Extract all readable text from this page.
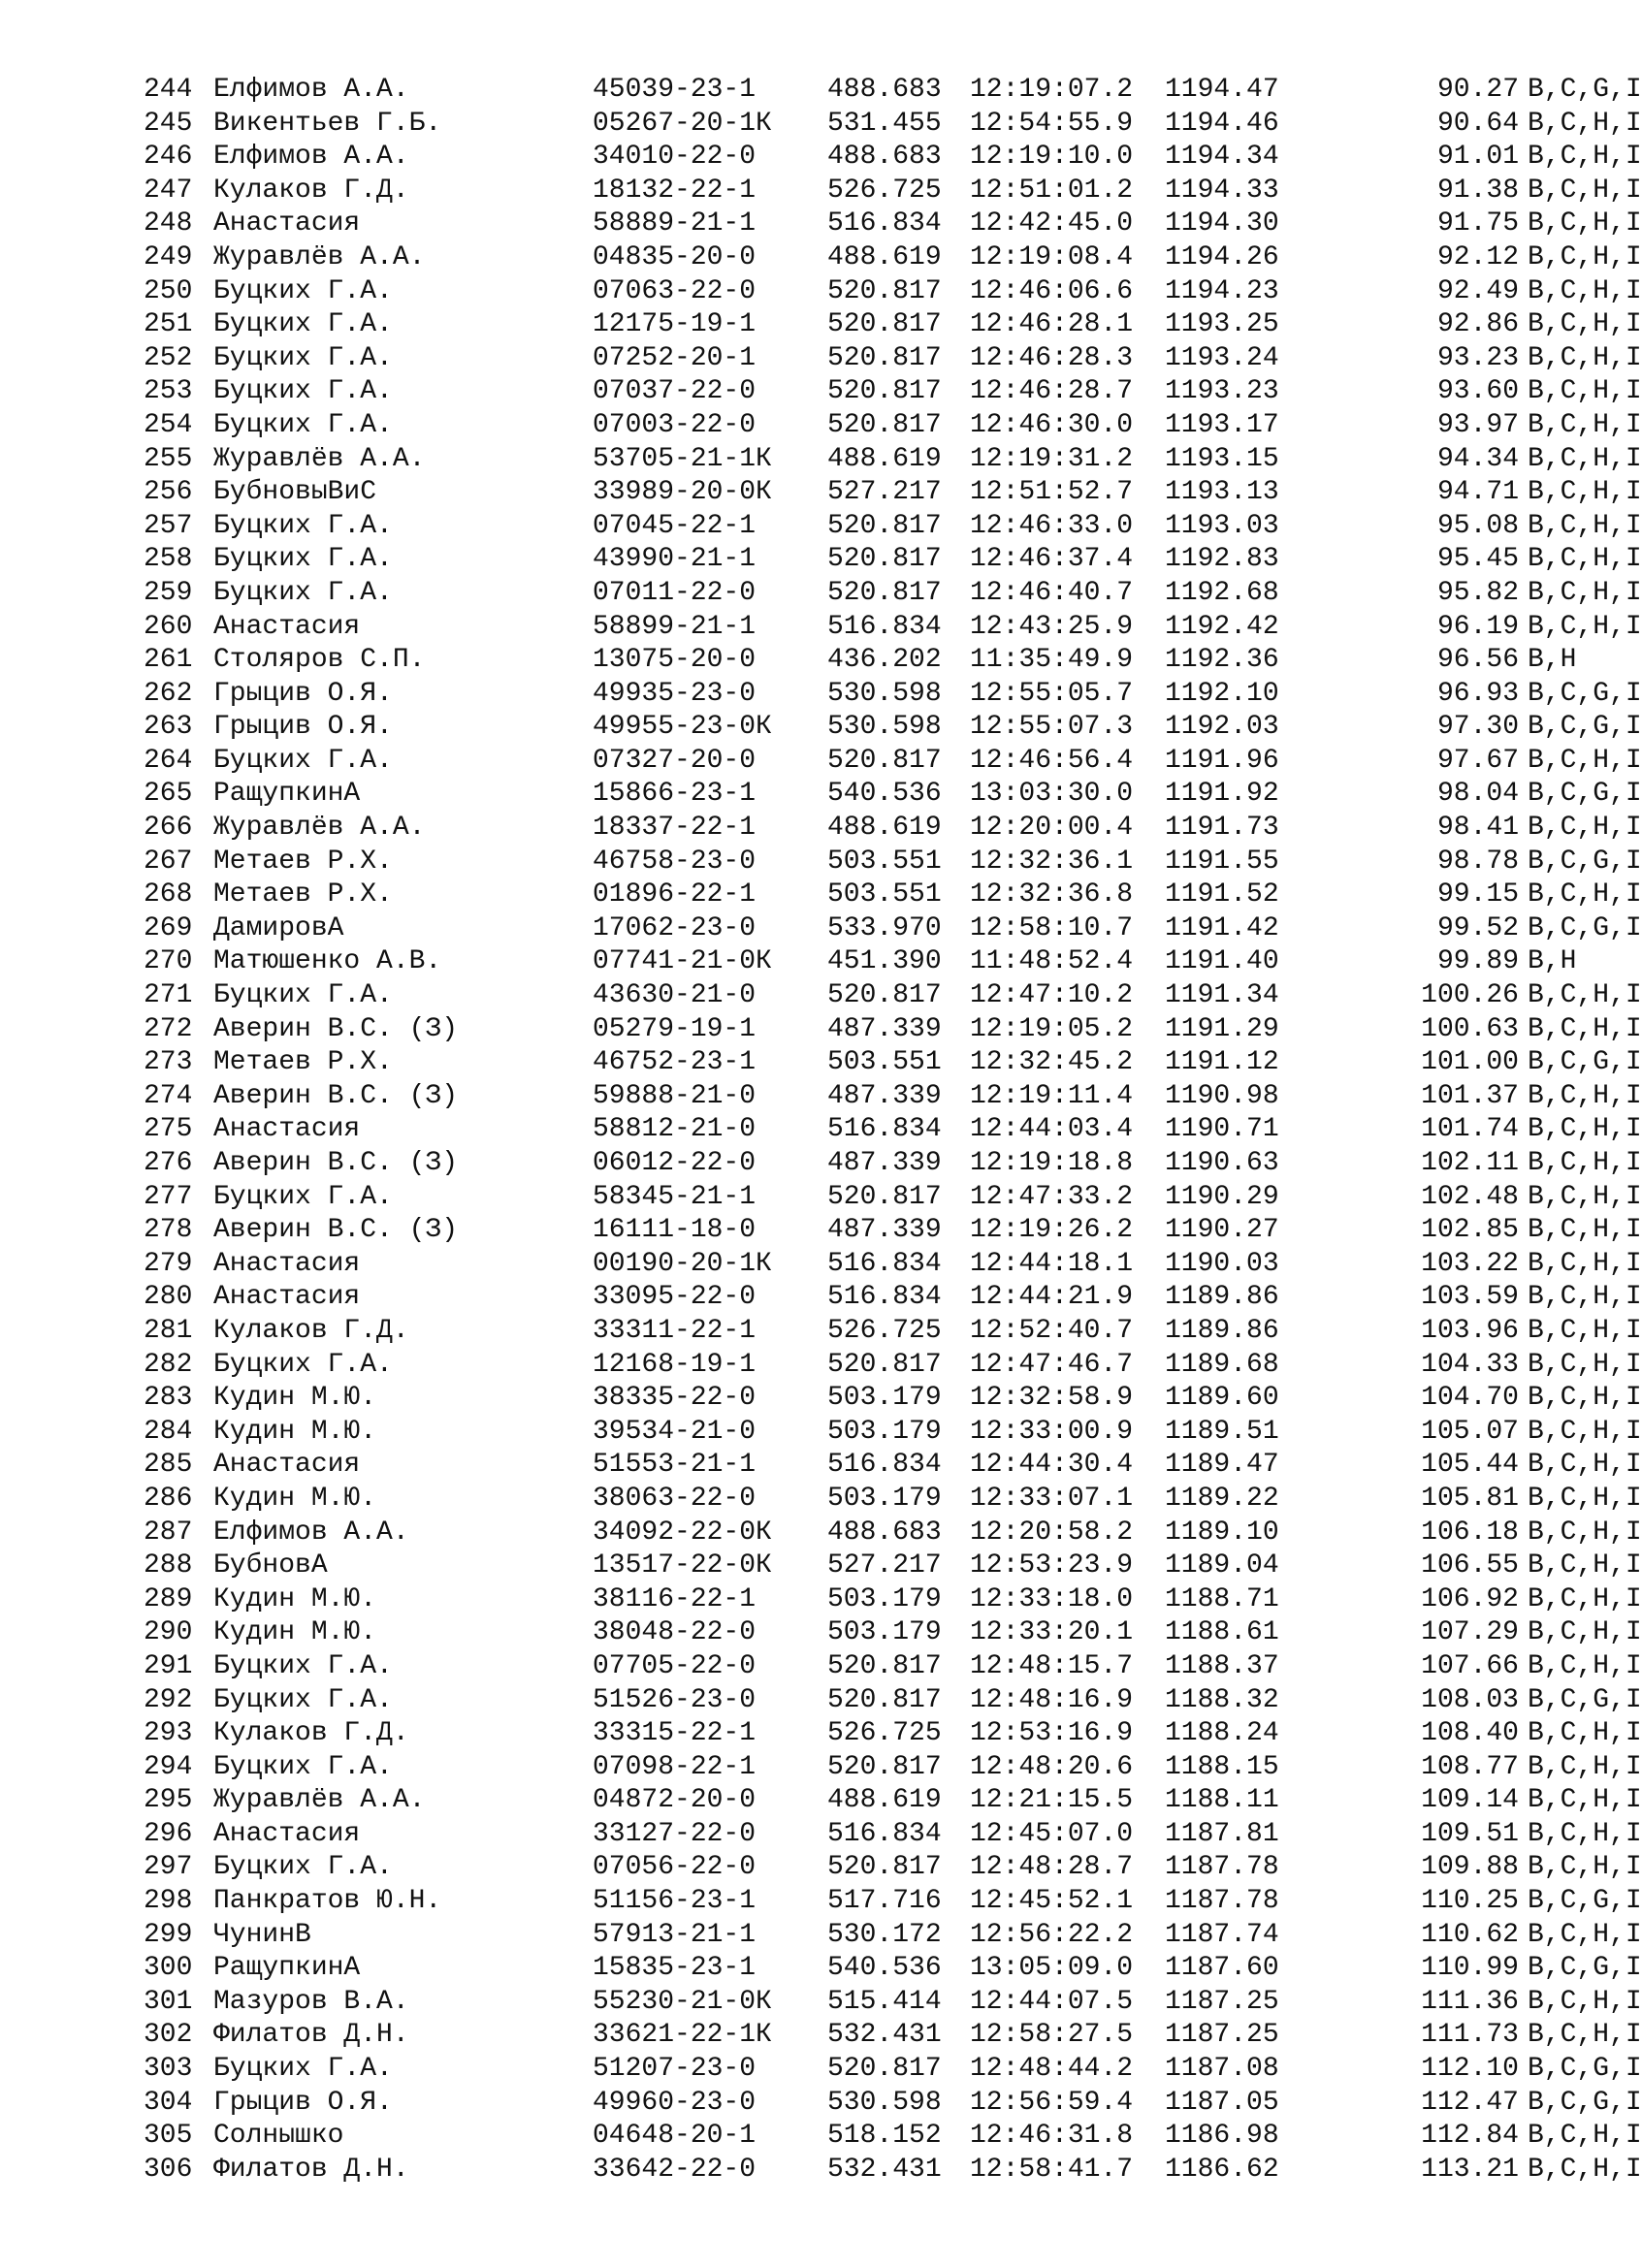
244 Елфимов А.А.	45039-23-1	488.683 12:19:07.2 1194.47	90.27 B,C,G,I
245 Викентьев Г.Б.	05267-20-1К 531.455 12:54:55.9 1194.46	90.64 B,C,H,I
246 Елфимов А.А.	34010-22-0	488.683 12:19:10.0 1194.34	91.01 B,C,H,I
247 Кулаков Г.Д.	18132-22-1	526.725 12:51:01.2 1194.33	91.38 B,C,H,I
248 Анастасия	58889-21-1	516.834 12:42:45.0 1194.30	91.75 B,C,H,I
249 Журавлёв А.А.	04835-20-0	488.619 12:19:08.4 1194.26	92.12 B,C,H,I
250 Буцких Г.А.	07063-22-0	520.817 12:46:06.6 1194.23	92.49 B,C,H,I
251 Буцких Г.А.	12175-19-1	520.817 12:46:28.1 1193.25	92.86 B,C,H,I
252 Буцких Г.А.	07252-20-1	520.817 12:46:28.3 1193.24	93.23 B,C,H,I
253 Буцких Г.А.	07037-22-0	520.817 12:46:28.7 1193.23	93.60 B,C,H,I
254 Буцких Г.А.	07003-22-0	520.817 12:46:30.0 1193.17	93.97 B,C,H,I
255 Журавлёв А.А.	53705-21-1К 488.619 12:19:31.2 1193.15	94.34 B,C,H,I
256 БубновыВиС	33989-20-0К 527.217 12:51:52.7 1193.13	94.71 B,C,H,I
257 Буцких Г.А.	07045-22-1	520.817 12:46:33.0 1193.03	95.08 B,C,H,I
258 Буцких Г.А.	43990-21-1	520.817 12:46:37.4 1192.83	95.45 B,C,H,I
259 Буцких Г.А.	07011-22-0	520.817 12:46:40.7 1192.68	95.82 B,C,H,I
260 Анастасия	58899-21-1	516.834 12:43:25.9 1192.42	96.19 B,C,H,I
261 Столяров С.П.	13075-20-0	436.202 11:35:49.9 1192.36	96.56 B,H
262 Грыцив О.Я.	49935-23-0	530.598 12:55:05.7 1192.10	96.93 B,C,G,I
263 Грыцив О.Я.	49955-23-0К 530.598 12:55:07.3 1192.03	97.30 B,C,G,I
264 Буцких Г.А.	07327-20-0	520.817 12:46:56.4 1191.96	97.67 B,C,H,I
265 РащупкинА	15866-23-1	540.536 13:03:30.0 1191.92	98.04 B,C,G,I
266 Журавлёв А.А.	18337-22-1	488.619 12:20:00.4 1191.73	98.41 B,C,H,I
267 Метаев Р.Х.	46758-23-0	503.551 12:32:36.1 1191.55	98.78 B,C,G,I
268 Метаев Р.Х.	01896-22-1	503.551 12:32:36.8 1191.52	99.15 B,C,H,I
269 ДамировА	17062-23-0	533.970 12:58:10.7 1191.42	99.52 B,C,G,I
270 Матюшенко А.В.	07741-21-0К 451.390 11:48:52.4 1191.40	99.89 B,H
271 Буцких Г.А.	43630-21-0	520.817 12:47:10.2 1191.34	100.26 B,C,H,I
272 Аверин В.С. (З)	05279-19-1	487.339 12:19:05.2 1191.29	100.63 B,C,H,I
273 Метаев Р.Х.	46752-23-1	503.551 12:32:45.2 1191.12	101.00 B,C,G,I
274 Аверин В.С. (З)	59888-21-0	487.339 12:19:11.4 1190.98	101.37 B,C,H,I
275 Анастасия	58812-21-0	516.834 12:44:03.4 1190.71	101.74 B,C,H,I
276 Аверин В.С. (З)	06012-22-0	487.339 12:19:18.8 1190.63	102.11 B,C,H,I
277 Буцких Г.А.	58345-21-1	520.817 12:47:33.2 1190.29	102.48 B,C,H,I
278 Аверин В.С. (З)	16111-18-0	487.339 12:19:26.2 1190.27	102.85 B,C,H,I
279 Анастасия	00190-20-1К 516.834 12:44:18.1 1190.03	103.22 B,C,H,I
280 Анастасия	33095-22-0	516.834 12:44:21.9 1189.86	103.59 B,C,H,I
281 Кулаков Г.Д.	33311-22-1	526.725 12:52:40.7 1189.86	103.96 B,C,H,I
282 Буцких Г.А.	12168-19-1	520.817 12:47:46.7 1189.68	104.33 B,C,H,I
283 Кудин М.Ю.	38335-22-0	503.179 12:32:58.9 1189.60	104.70 B,C,H,I
284 Кудин М.Ю.	39534-21-0	503.179 12:33:00.9 1189.51	105.07 B,C,H,I
285 Анастасия	51553-21-1	516.834 12:44:30.4 1189.47	105.44 B,C,H,I
286 Кудин М.Ю.	38063-22-0	503.179 12:33:07.1 1189.22	105.81 B,C,H,I
287 Елфимов А.А.	34092-22-0К 488.683 12:20:58.2 1189.10	106.18 B,C,H,I
288 БубновА	13517-22-0К 527.217 12:53:23.9 1189.04	106.55 B,C,H,I
289 Кудин М.Ю.	38116-22-1	503.179 12:33:18.0 1188.71	106.92 B,C,H,I
290 Кудин М.Ю.	38048-22-0	503.179 12:33:20.1 1188.61	107.29 B,C,H,I
291 Буцких Г.А.	07705-22-0	520.817 12:48:15.7 1188.37	107.66 B,C,H,I
292 Буцких Г.А.	51526-23-0	520.817 12:48:16.9 1188.32	108.03 B,C,G,I
293 Кулаков Г.Д.	33315-22-1	526.725 12:53:16.9 1188.24	108.40 B,C,H,I
294 Буцких Г.А.	07098-22-1	520.817 12:48:20.6 1188.15	108.77 B,C,H,I
295 Журавлёв А.А.	04872-20-0	488.619 12:21:15.5 1188.11	109.14 B,C,H,I
296 Анастасия	33127-22-0	516.834 12:45:07.0 1187.81	109.51 B,C,H,I
297 Буцких Г.А.	07056-22-0	520.817 12:48:28.7 1187.78	109.88 B,C,H,I
298 Панкратов Ю.Н.	51156-23-1	517.716 12:45:52.1 1187.78	110.25 B,C,G,I
299 ЧунинВ	57913-21-1	530.172 12:56:22.2 1187.74	110.62 B,C,H,I
300 РащупкинА	15835-23-1	540.536 13:05:09.0 1187.60	110.99 B,C,G,I
301 Мазуров В.А.	55230-21-0К 515.414 12:44:07.5 1187.25	111.36 B,C,H,I
302 Филатов Д.Н.	33621-22-1К 532.431 12:58:27.5 1187.25	111.73 B,C,H,I
303 Буцких Г.А.	51207-23-0	520.817 12:48:44.2 1187.08	112.10 B,C,G,I
304 Грыцив О.Я.	49960-23-0	530.598 12:56:59.4 1187.05	112.47 B,C,G,I
305 Солнышко	04648-20-1	518.152 12:46:31.8 1186.98	112.84 B,C,H,I
306 Филатов Д.Н.	33642-22-0	532.431 12:58:41.7 1186.62	113.21 B,C,H,I
